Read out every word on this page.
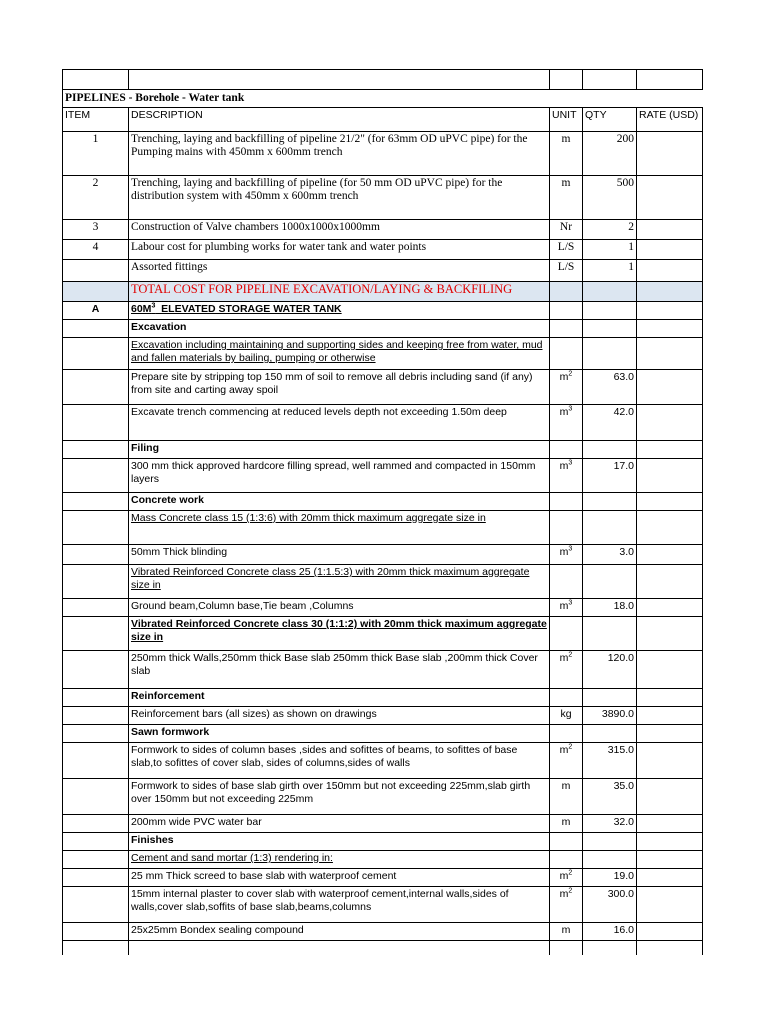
PIPELINES - Borehole - Water tank				
ITEM	DESCRIPTION	UNIT	QTY	RATE (USD)
1	Trenching, laying and backfilling of pipeline 21/2" (for 63mm OD uPVC pipe) for the Pumping mains with 450mm x 600mm trench	m	200	
2	Trenching, laying and backfilling of pipeline (for 50 mm OD uPVC pipe) for the distribution system with 450mm x 600mm trench	m	500	
3	Construction of Valve chambers 1000x1000x1000mm	Nr	2	
4	Labour cost for plumbing works for water tank and water points	L/S	1	
	Assorted fittings	L/S	1	
	TOTAL COST FOR PIPELINE EXCAVATION/LAYING & BACKFILING			
A	$60M^3$  ELEVATED STORAGE WATER TANK			
	Excavation			
	Excavation including maintaining and supporting sides and keeping free from water, mud and fallen materials by bailing, pumping or otherwise			
	Prepare site by stripping top 150 mm of soil to remove all debris including sand (if any) from site and carting away spoil	$m^2$	63.0	
	Excavate trench commencing at reduced levels depth not exceeding 1.50m deep	$m^3$	42.0	
	Filing			
	300 mm thick approved hardcore filling spread, well rammed and compacted in 150mm layers	$m^3$	17.0	
	Concrete work			
	Mass Concrete class 15 (1:3:6) with 20mm thick maximum aggregate size in			
	50mm Thick blinding	$m^3$	3.0	
	Vibrated Reinforced Concrete class 25 (1:1.5:3) with 20mm thick maximum aggregate size in			
	Ground beam,Column base,Tie beam ,Columns	$m^3$	18.0	
	Vibrated Reinforced Concrete class 30 (1:1:2) with 20mm thick maximum aggregate size in			
	250mm thick Walls,250mm thick Base slab 250mm thick Base slab ,200mm thick Cover slab	$m^2$	120.0	
	Reinforcement			
	Reinforcement bars (all sizes) as shown on drawings	kg	3890.0	
	Sawn formwork			
	Formwork to sides of column bases ,sides and sofittes of beams, to sofittes of base slab,to sofittes of cover slab, sides of columns,sides of walls	$m^2$	315.0	
	Formwork to sides of base slab girth over 150mm but not exceeding 225mm,slab girth over 150mm but not exceeding 225mm	m	35.0	
	200mm wide PVC water bar	m	32.0	
	Finishes			
	Cement and sand mortar (1:3) rendering in:			
	25 mm Thick screed to base slab with waterproof cement	$m^2$	19.0	
	15mm internal plaster to cover slab with waterproof cement,internal walls,sides of walls,cover slab,soffits of base slab,beams,columns	$m^2$	300.0	
	25x25mm Bondex sealing compound	m	16.0	
